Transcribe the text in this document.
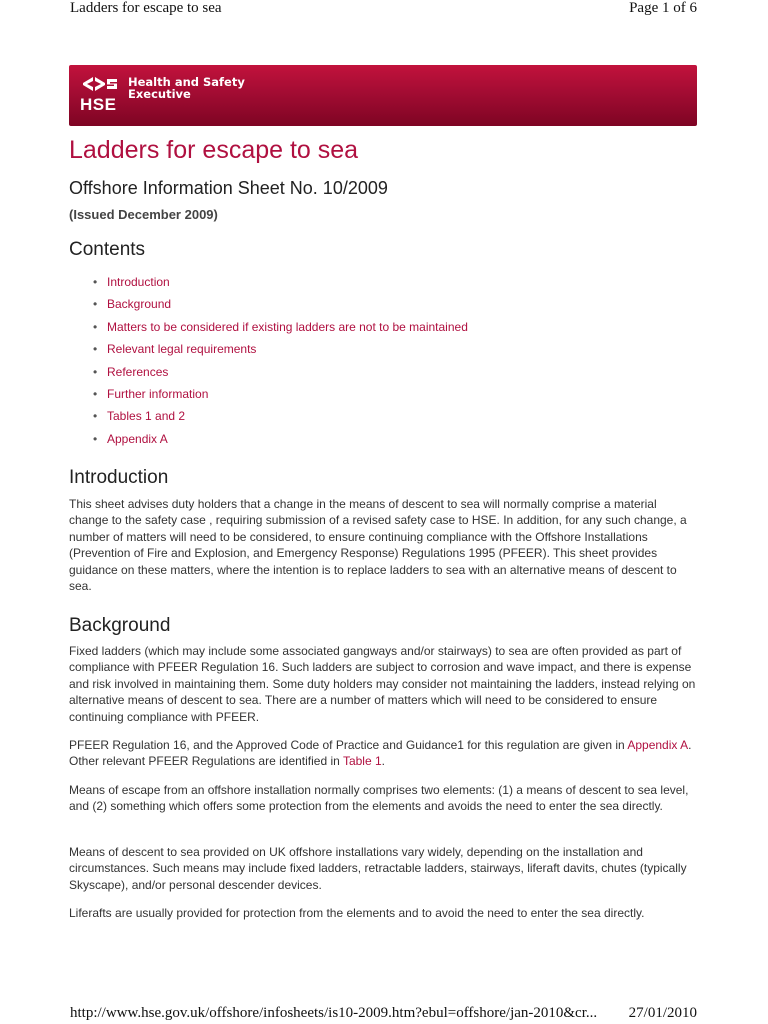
Ladders for escape to sea	Page 1 of 6
HSE
Health and Safety
Executive
Ladders for escape to sea
Offshore Information Sheet No. 10/2009
(Issued December 2009)
Contents
• Introduction
• Background
• Matters to be considered if existing ladders are not to be maintained
• Relevant legal requirements
• References
• Further information
• Tables 1 and 2
• Appendix A
Introduction

This sheet advises duty holders that a change in the means of descent to sea will normally comprise a material change to the safety case , requiring submission of a revised safety case to HSE. In addition, for any such change, a number of matters will need to be considered, to ensure continuing compliance with the Offshore Installations (Prevention of Fire and Explosion, and Emergency Response) Regulations 1995 (PFEER). This sheet provides guidance on these matters, where the intention is to replace ladders to sea with an alternative means of descent to sea.

Background

Fixed ladders (which may include some associated gangways and/or stairways) to sea are often provided as part of compliance with PFEER Regulation 16. Such ladders are subject to corrosion and wave impact, and there is expense and risk involved in maintaining them. Some duty holders may consider not maintaining the ladders, instead relying on alternative means of descent to sea. There are a number of matters which will need to be considered to ensure continuing compliance with PFEER.

PFEER Regulation 16, and the Approved Code of Practice and Guidance1 for this regulation are given in Appendix A. Other relevant PFEER Regulations are identified in Table 1.

Means of escape from an offshore installation normally comprises two elements: (1) a means of descent to sea level, and (2) something which offers some protection from the elements and avoids the need to enter the sea directly.

Means of descent to sea provided on UK offshore installations vary widely, depending on the installation and circumstances. Such means may include fixed ladders, retractable ladders, stairways, liferaft davits, chutes (typically Skyscape), and/or personal descender devices.

Liferafts are usually provided for protection from the elements and to avoid the need to enter the sea directly.

http://www.hse.gov.uk/offshore/infosheets/is10-2009.htm?ebul=offshore/jan-2010&cr... 27/01/2010
